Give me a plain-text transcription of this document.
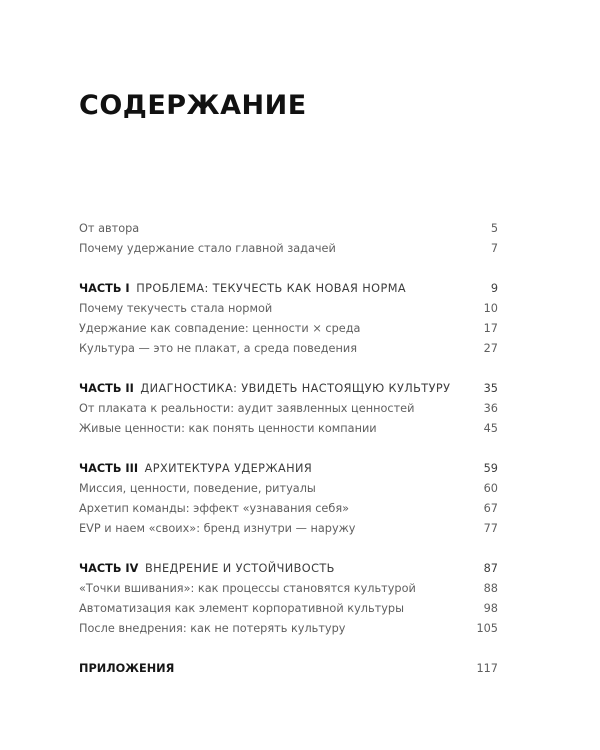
СОДЕРЖАНИЕ
От автора	5
Почему удержание стало главной задачей	7
ЧАСТЬ I ПРОБЛЕМА: ТЕКУЧЕСТЬ КАК НОВАЯ НОРМА	9
Почему текучесть стала нормой	10
Удержание как совпадение: ценности × среда	17
Культура — это не плакат, а среда поведения	27
ЧАСТЬ II ДИАГНОСТИКА: УВИДЕТЬ НАСТОЯЩУЮ КУЛЬТУРУ	35
От плаката к реальности: аудит заявленных ценностей	36
Живые ценности: как понять ценности компании	45
ЧАСТЬ III АРХИТЕКТУРА УДЕРЖАНИЯ	59
Миссия, ценности, поведение, ритуалы	60
Архетип команды: эффект «узнавания себя»	67
EVP и наем «своих»: бренд изнутри — наружу	77
ЧАСТЬ IV ВНЕДРЕНИЕ И УСТОЙЧИВОСТЬ	87
«Точки вшивания»: как процессы становятся культурой	88
Автоматизация как элемент корпоративной культуры	98
После внедрения: как не потерять культуру	105
ПРИЛОЖЕНИЯ	117
